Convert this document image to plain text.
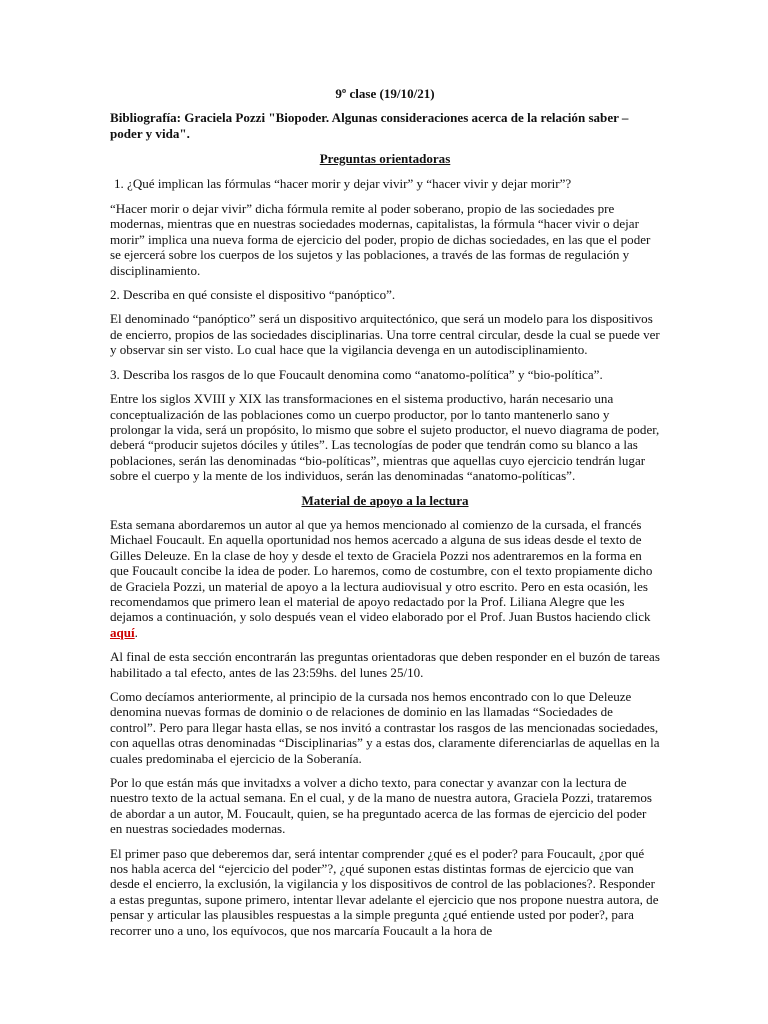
9º clase (19/10/21)

Bibliografía: Graciela Pozzi "Biopoder. Algunas consideraciones acerca de la relación saber – poder y vida".

Preguntas orientadoras

1. ¿Qué implican las fórmulas “hacer morir y dejar vivir” y “hacer vivir y dejar morir”?

“Hacer morir o dejar vivir” dicha fórmula remite al poder soberano, propio de las sociedades pre modernas, mientras que en nuestras sociedades modernas, capitalistas, la fórmula “hacer vivir o dejar morir” implica una nueva forma de ejercicio del poder, propio de dichas sociedades, en las que el poder se ejercerá sobre los cuerpos de los sujetos y las poblaciones, a través de las formas de regulación y disciplinamiento.

2. Describa en qué consiste el dispositivo “panóptico”.

El denominado “panóptico” será un dispositivo arquitectónico, que será un modelo para los dispositivos de encierro, propios de las sociedades disciplinarias. Una torre central circular, desde la cual se puede ver y observar sin ser visto. Lo cual hace que la vigilancia devenga en un autodisciplinamiento.

3. Describa los rasgos de lo que Foucault denomina como “anatomo-política” y “bio-política”.

Entre los siglos XVIII y XIX las transformaciones en el sistema productivo, harán necesario una conceptualización de las poblaciones como un cuerpo productor, por lo tanto mantenerlo sano y prolongar la vida, será un propósito, lo mismo que sobre el sujeto productor, el nuevo diagrama de poder, deberá “producir sujetos dóciles y útiles”. Las tecnologías de poder que tendrán como su blanco a las poblaciones, serán las denominadas “bio-políticas”, mientras que aquellas cuyo ejercicio tendrán lugar sobre el cuerpo y la mente de los individuos, serán las denominadas “anatomo-políticas”.

Material de apoyo a la lectura

Esta semana abordaremos un autor al que ya hemos mencionado al comienzo de la cursada, el francés Michael Foucault. En aquella oportunidad nos hemos acercado a alguna de sus ideas desde el texto de Gilles Deleuze. En la clase de hoy y desde el texto de Graciela Pozzi nos adentraremos en la forma en que Foucault concibe la idea de poder. Lo haremos, como de costumbre, con el texto propiamente dicho de Graciela Pozzi, un material de apoyo a la lectura audiovisual y otro escrito. Pero en esta ocasión, les recomendamos que primero lean el material de apoyo redactado por la Prof. Liliana Alegre que les dejamos a continuación, y solo después vean el video elaborado por el Prof. Juan Bustos haciendo click aquí.

Al final de esta sección encontrarán las preguntas orientadoras que deben responder en el buzón de tareas habilitado a tal efecto, antes de las 23:59hs. del lunes 25/10.

Como decíamos anteriormente, al principio de la cursada nos hemos encontrado con lo que Deleuze denomina nuevas formas de dominio o de relaciones de dominio en las llamadas “Sociedades de control”. Pero para llegar hasta ellas, se nos invitó a contrastar los rasgos de las mencionadas sociedades, con aquellas otras denominadas “Disciplinarias” y a estas dos, claramente diferenciarlas de aquellas en la cuales predominaba el ejercicio de la Soberanía.

Por lo que están más que invitadxs a volver a dicho texto, para conectar y avanzar con la lectura de nuestro texto de la actual semana. En el cual, y de la mano de nuestra autora, Graciela Pozzi, trataremos de abordar a un autor, M. Foucault, quien, se ha preguntado acerca de las formas de ejercicio del poder en nuestras sociedades modernas.

El primer paso que deberemos dar, será intentar comprender ¿qué es el poder? para Foucault, ¿por qué nos habla acerca del “ejercicio del poder”?, ¿qué suponen estas distintas formas de ejercicio que van desde el encierro, la exclusión, la vigilancia y los dispositivos de control de las poblaciones?. Responder a estas preguntas, supone primero, intentar llevar adelante el ejercicio que nos propone nuestra autora, de pensar y articular las plausibles respuestas a la simple pregunta ¿qué entiende usted por poder?, para recorrer uno a uno, los equívocos, que nos marcaría Foucault a la hora de
